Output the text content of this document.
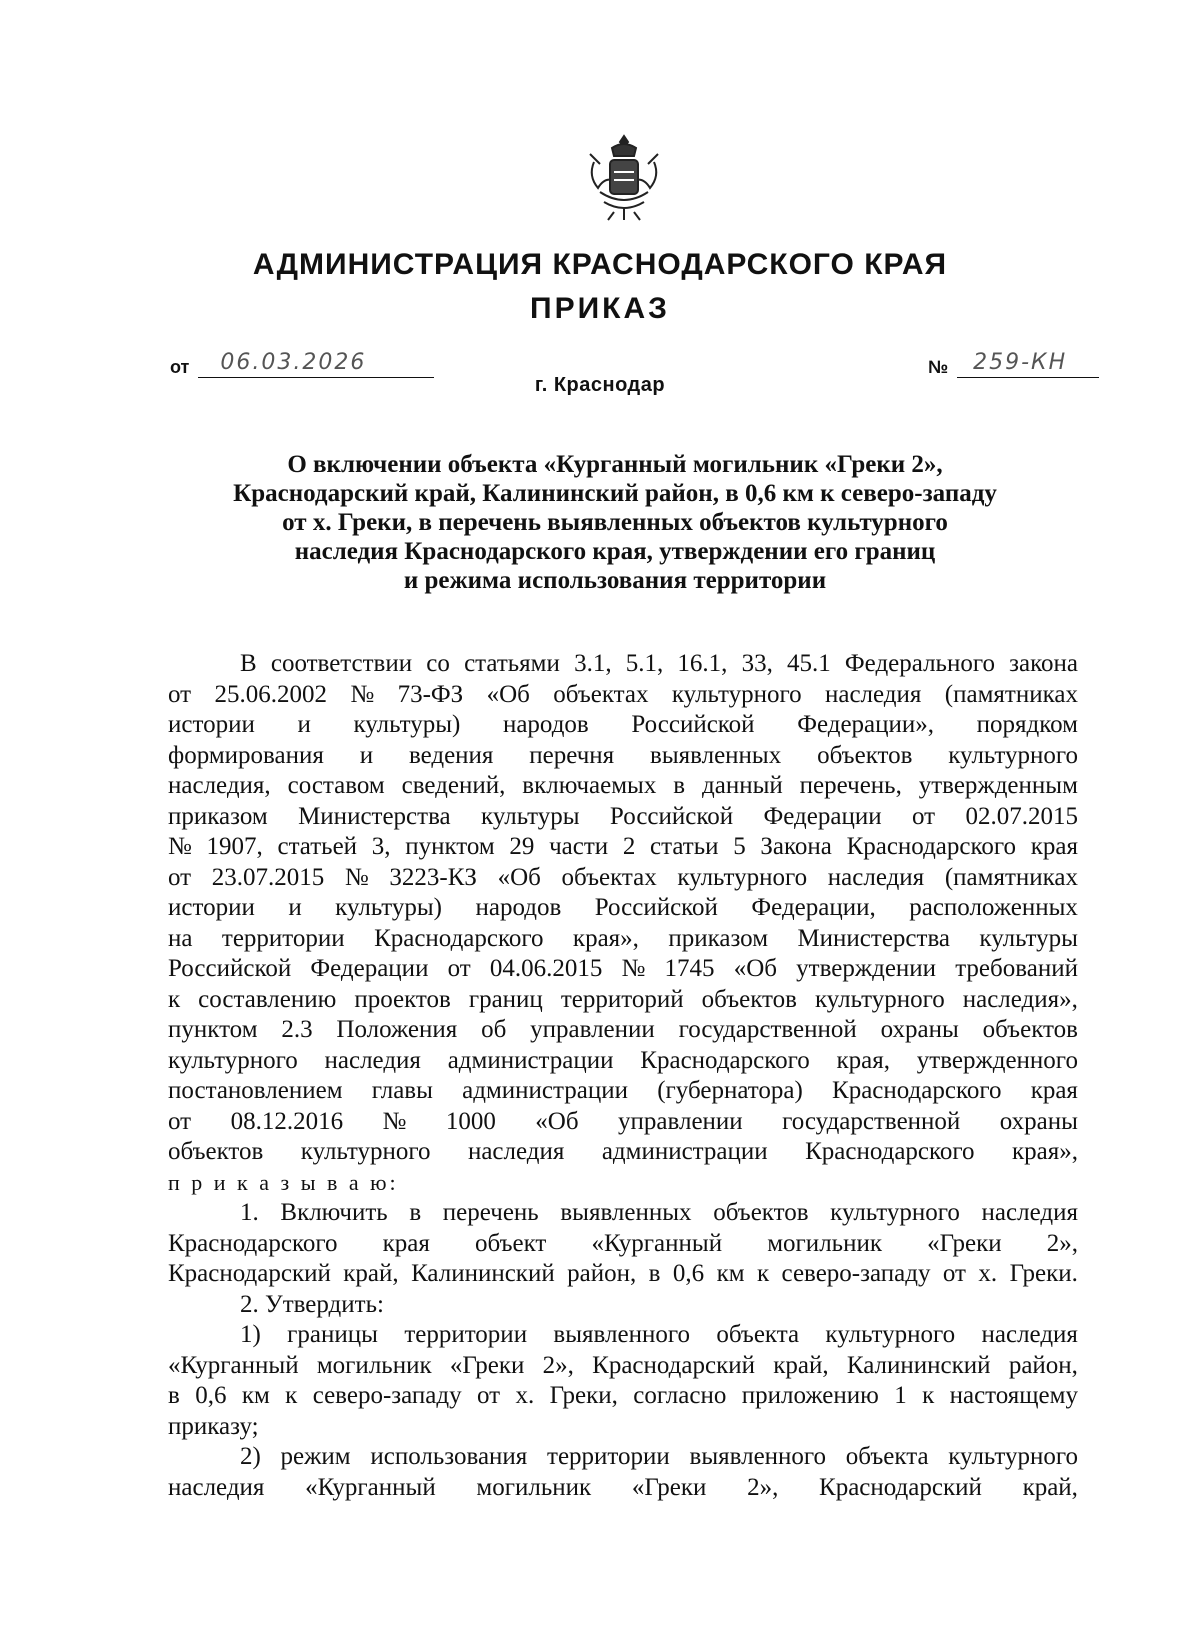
АДМИНИСТРАЦИЯ КРАСНОДАРСКОГО КРАЯ
ПРИКАЗ
от 06.03.2026	№ 259-КН
г. Краснодар
О включении объекта «Курганный могильник «Греки 2»,
Краснодарский край, Калининский район, в 0,6 км к северо-западу
от х. Греки, в перечень выявленных объектов культурного
наследия Краснодарского края, утверждении его границ
и режима использования территории
В соответствии со статьями 3.1, 5.1, 16.1, 33, 45.1 Федерального закона
от 25.06.2002 № 73-ФЗ «Об объектах культурного наследия (памятниках
истории и культуры) народов Российской Федерации», порядком
формирования и ведения перечня выявленных объектов культурного
наследия, составом сведений, включаемых в данный перечень, утвержденным
приказом Министерства культуры Российской Федерации от 02.07.2015
№ 1907, статьей 3, пунктом 29 части 2 статьи 5 Закона Краснодарского края
от 23.07.2015 № 3223-КЗ «Об объектах культурного наследия (памятниках
истории и культуры) народов Российской Федерации, расположенных
на территории Краснодарского края», приказом Министерства культуры
Российской Федерации от 04.06.2015 № 1745 «Об утверждении требований
к составлению проектов границ территорий объектов культурного наследия»,
пунктом 2.3 Положения об управлении государственной охраны объектов
культурного наследия администрации Краснодарского края, утвержденного
постановлением главы администрации (губернатора) Краснодарского края
от 08.12.2016 № 1000 «Об управлении государственной охраны
объектов культурного наследия администрации Краснодарского края»,
п р и к а з ы в а ю:
1. Включить в перечень выявленных объектов культурного наследия
Краснодарского края объект «Курганный могильник «Греки 2»,
Краснодарский край, Калининский район, в 0,6 км к северо-западу от х. Греки.
2. Утвердить:
1) границы территории выявленного объекта культурного наследия
«Курганный могильник «Греки 2», Краснодарский край, Калининский район,
в 0,6 км к северо-западу от х. Греки, согласно приложению 1 к настоящему
приказу;
2) режим использования территории выявленного объекта культурного
наследия «Курганный могильник «Греки 2», Краснодарский край,
